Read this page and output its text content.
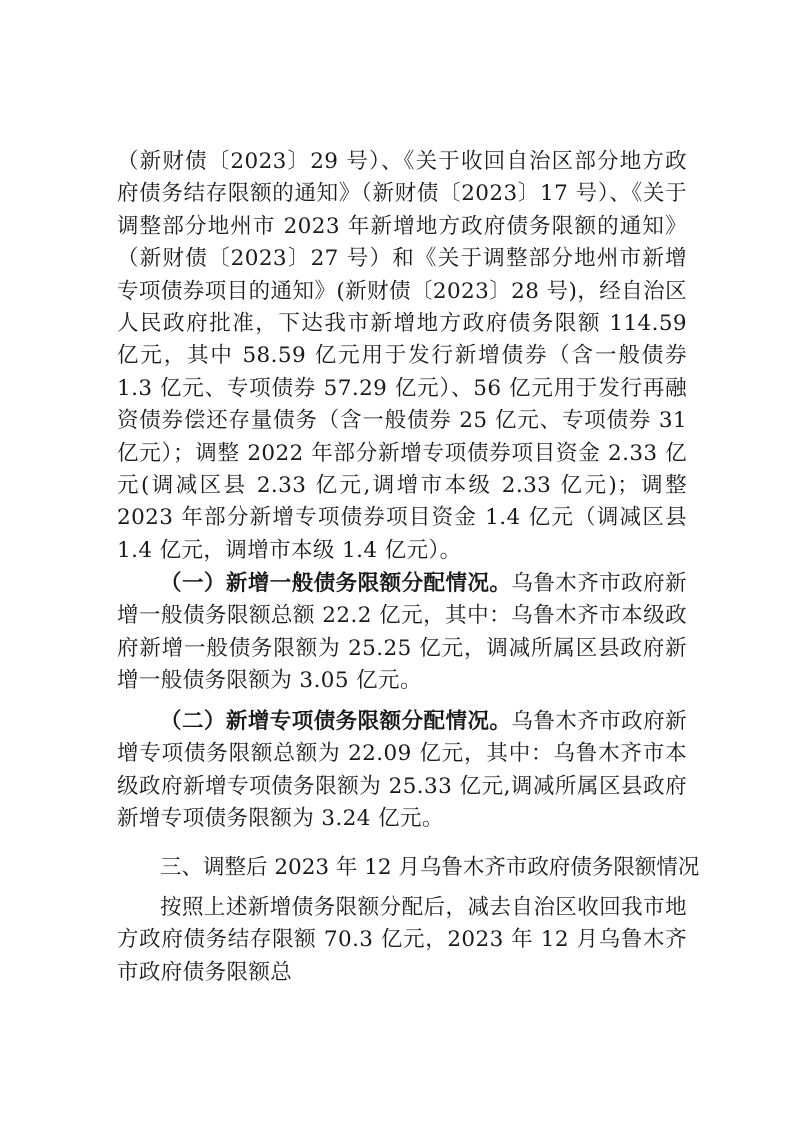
（新财债〔2023〕29 号）、《关于收回自治区部分地方政府债务结存限额的通知》（新财债〔2023〕17 号）、《关于调整部分地州市 2023 年新增地方政府债务限额的通知》（新财债〔2023〕27 号）和《关于调整部分地州市新增专项债券项目的通知》(新财债〔2023〕28 号)，经自治区人民政府批准，下达我市新增地方政府债务限额 114.59 亿元，其中 58.59 亿元用于发行新增债券（含一般债券 1.3 亿元、专项债券 57.29 亿元）、56 亿元用于发行再融资债券偿还存量债务（含一般债券 25 亿元、专项债券 31 亿元）；调整 2022 年部分新增专项债券项目资金 2.33 亿元(调减区县 2.33 亿元,调增市本级 2.33 亿元)；调整 2023 年部分新增专项债券项目资金 1.4 亿元（调减区县 1.4 亿元，调增市本级 1.4 亿元）。

（一）新增一般债务限额分配情况。乌鲁木齐市政府新增一般债务限额总额 22.2 亿元，其中：乌鲁木齐市本级政府新增一般债务限额为 25.25 亿元，调减所属区县政府新增一般债务限额为 3.05 亿元。

（二）新增专项债务限额分配情况。乌鲁木齐市政府新增专项债务限额总额为 22.09 亿元，其中：乌鲁木齐市本级政府新增专项债务限额为 25.33 亿元,调减所属区县政府新增专项债务限额为 3.24 亿元。

三、调整后 2023 年 12 月乌鲁木齐市政府债务限额情况

按照上述新增债务限额分配后，减去自治区收回我市地方政府债务结存限额 70.3 亿元，2023 年 12 月乌鲁木齐市政府债务限额总
